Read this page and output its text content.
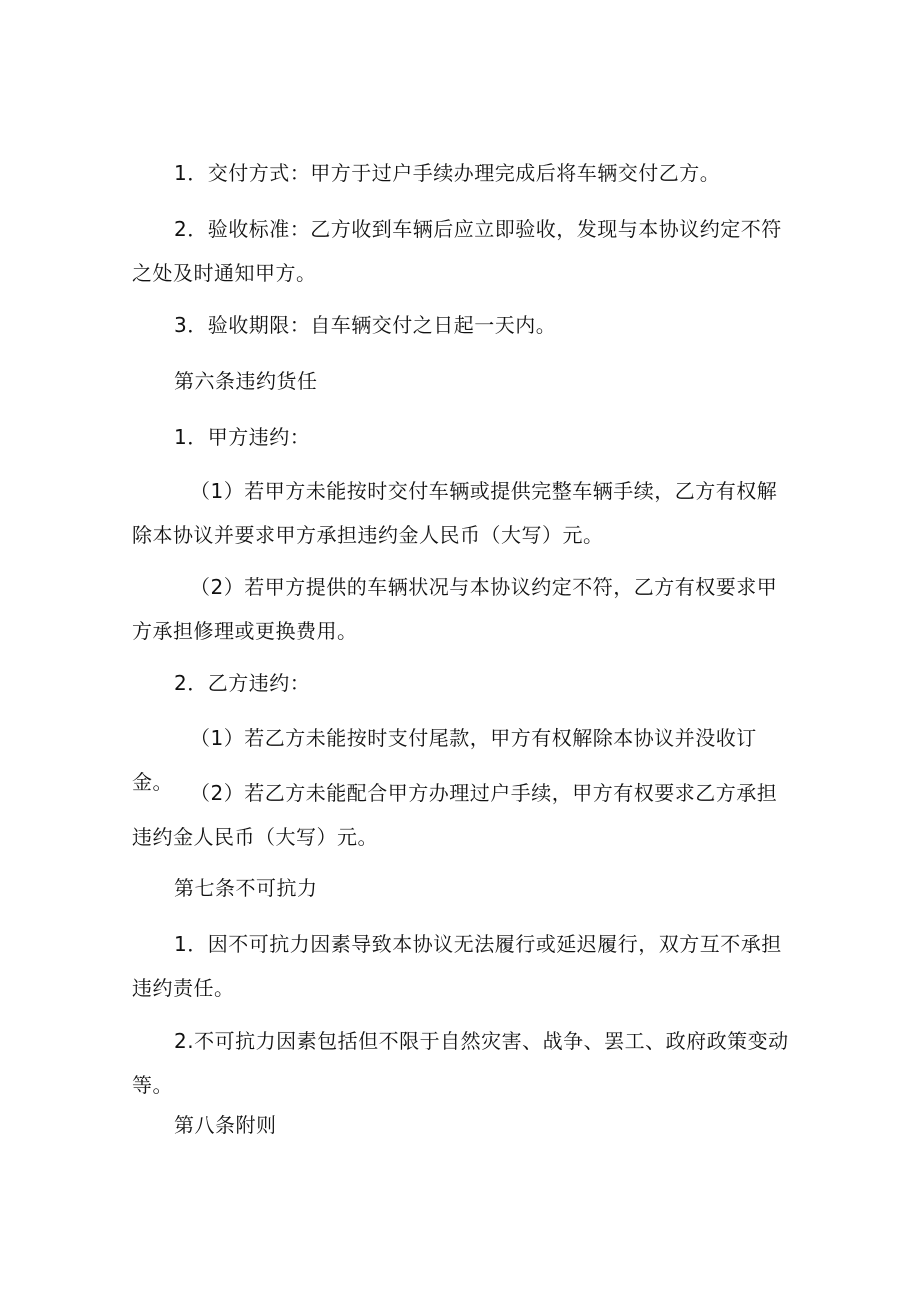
1．交付方式：甲方于过户手续办理完成后将车辆交付乙方。

2．验收标准：乙方收到车辆后应立即验收，发现与本协议约定不符之处及时通知甲方。

3．验收期限：自车辆交付之日起一天内。

第六条违约货任

1．甲方违约：

（1）若甲方未能按时交付车辆或提供完整车辆手续，乙方有权解除本协议并要求甲方承担违约金人民币（大写）元。

（2）若甲方提供的车辆状况与本协议约定不符，乙方有权要求甲方承担修理或更换费用。

2．乙方违约：

（1）若乙方未能按时支付尾款，甲方有权解除本协议并没收订金。 （2）若乙方未能配合甲方办理过户手续，甲方有权要求乙方承担违约金人民币（大写）元。

第七条不可抗力

1．因不可抗力因素导致本协议无法履行或延迟履行，双方互不承担违约责任。

2.不可抗力因素包括但不限于自然灾害、战争、罢工、政府政策变动等。

第八条附则
